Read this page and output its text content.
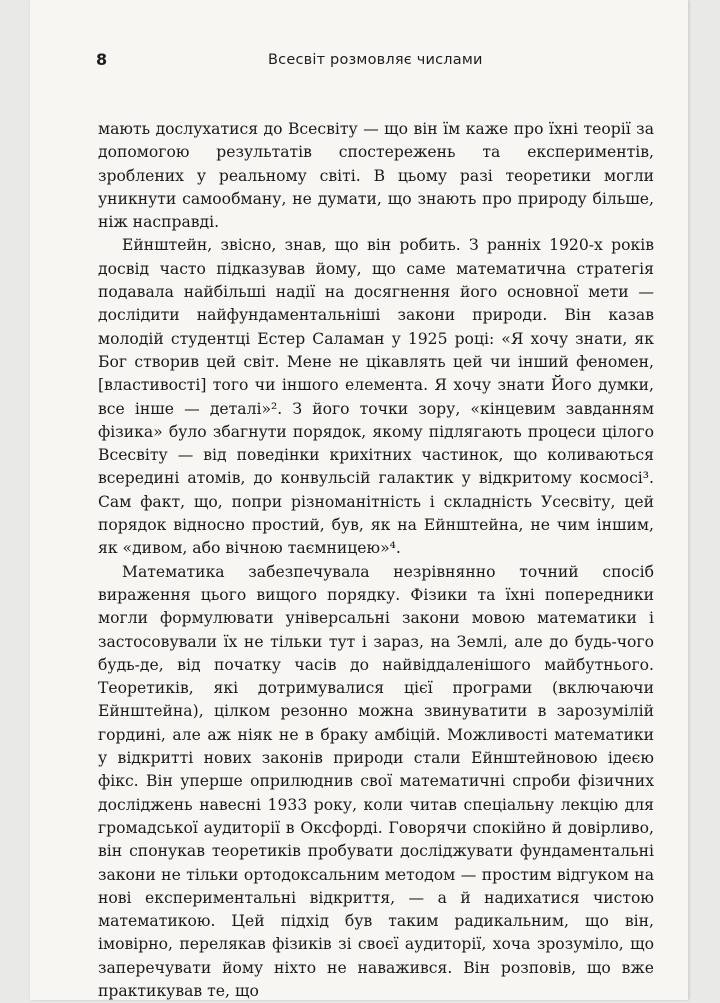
8	Всесвіт розмовляє числами

мають дослухатися до Всесвіту — що він їм каже про їхні теорії за допомогою результатів спостережень та експериментів, зроблених у реальному світі. В цьому разі теоретики могли уникнути самообману, не думати, що знають про природу більше, ніж насправді.

Ейнштейн, звісно, знав, що він робить. З ранніх 1920-х років досвід часто підказував йому, що саме математична стратегія подавала найбільші надії на досягнення його основної мети — дослідити найфундаментальніші закони природи. Він казав молодій студентці Естер Саламан у 1925 році: «Я хочу знати, як Бог створив цей світ. Мене не цікавлять цей чи інший феномен, [властивості] того чи іншого елемента. Я хочу знати Його думки, все інше — деталі»². З його точки зору, «кінцевим завданням фізика» було збагнути порядок, якому підлягають процеси цілого Всесвіту — від поведінки крихітних частинок, що коливаються всередині атомів, до конвульсій галактик у відкритому космосі³. Сам факт, що, попри різноманітність і складність Усесвіту, цей порядок відносно простий, був, як на Ейнштейна, не чим іншим, як «дивом, або вічною таємницею»⁴.

Математика забезпечувала незрівнянно точний спосіб вираження цього вищого порядку. Фізики та їхні попередники могли формулювати універсальні закони мовою математики і застосовували їх не тільки тут і зараз, на Землі, але до будь-чого будь-де, від початку часів до найвіддаленішого майбутнього. Теоретиків, які дотримувалися цієї програми (включаючи Ейнштейна), цілком резонно можна звинуватити в зарозумілій гордині, але аж ніяк не в браку амбіцій. Можливості математики у відкритті нових законів природи стали Ейнштейновою ідеєю фікс. Він уперше оприлюднив свої математичні спроби фізичних досліджень навесні 1933 року, коли читав спеціальну лекцію для громадської аудиторії в Оксфорді. Говорячи спокійно й довірливо, він спонукав теоретиків пробувати досліджувати фундаментальні закони не тільки ортодоксальним методом — простим відгуком на нові експериментальні відкриття, — а й надихатися чистою математикою. Цей підхід був таким радикальним, що він, імовірно, перелякав фізиків зі своєї аудиторії, хоча зрозуміло, що заперечувати йому ніхто не наважився. Він розповів, що вже практикував те, що
